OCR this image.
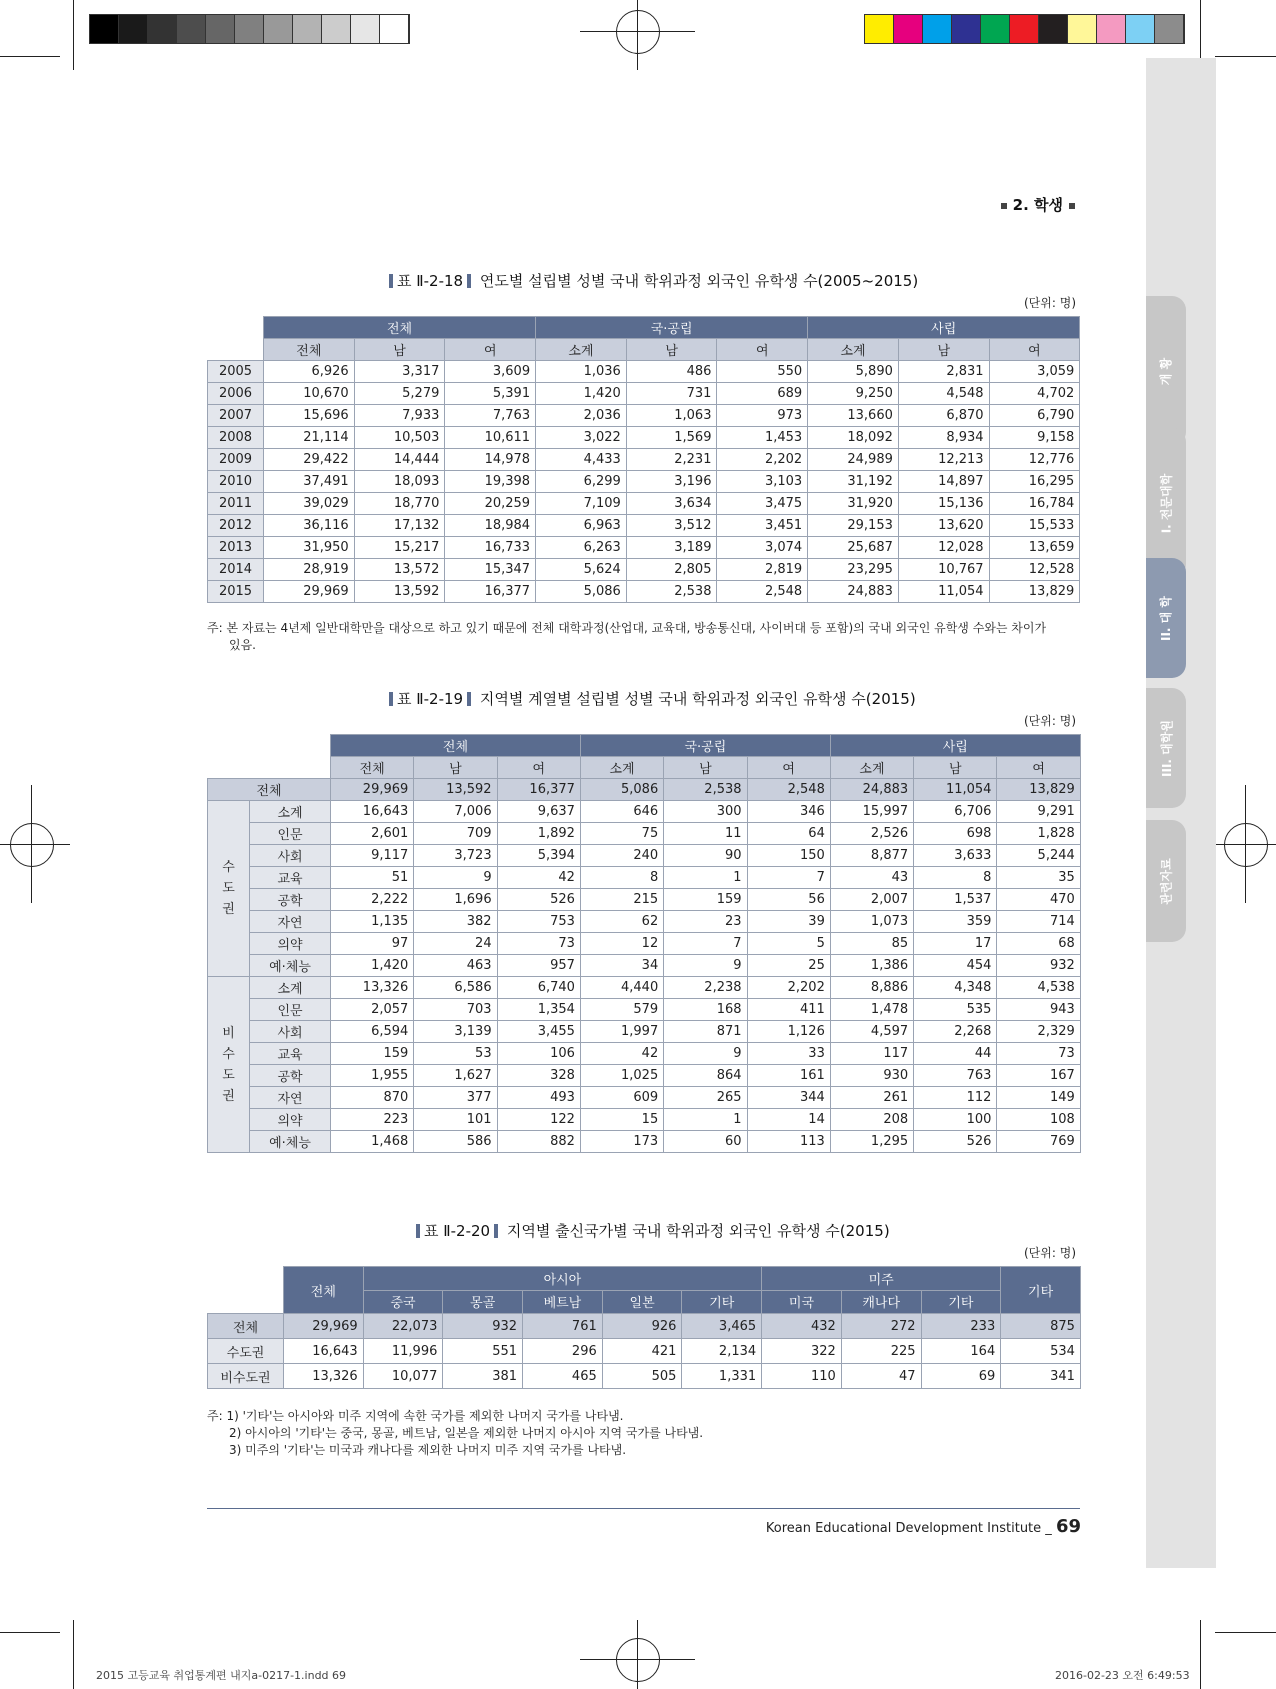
개 황
I. 전문대학
II. 대 학
III. 대학원
관련자료
2. 학생
표 Ⅱ-2-18 연도별 설립별 성별 국내 학위과정 외국인 유학생 수(2005~2015)
(단위: 명)
	전체			국·공립			사립		
	전체	남	여	소계	남	여	소계	남	여
2005	6,926	3,317	3,609	1,036	486	550	5,890	2,831	3,059
2006	10,670	5,279	5,391	1,420	731	689	9,250	4,548	4,702
2007	15,696	7,933	7,763	2,036	1,063	973	13,660	6,870	6,790
2008	21,114	10,503	10,611	3,022	1,569	1,453	18,092	8,934	9,158
2009	29,422	14,444	14,978	4,433	2,231	2,202	24,989	12,213	12,776
2010	37,491	18,093	19,398	6,299	3,196	3,103	31,192	14,897	16,295
2011	39,029	18,770	20,259	7,109	3,634	3,475	31,920	15,136	16,784
2012	36,116	17,132	18,984	6,963	3,512	3,451	29,153	13,620	15,533
2013	31,950	15,217	16,733	6,263	3,189	3,074	25,687	12,028	13,659
2014	28,919	13,572	15,347	5,624	2,805	2,819	23,295	10,767	12,528
2015	29,969	13,592	16,377	5,086	2,538	2,548	24,883	11,054	13,829
주: 본 자료는 4년제 일반대학만을 대상으로 하고 있기 때문에 전체 대학과정(산업대, 교육대, 방송통신대, 사이버대 등 포함)의 국내 외국인 유학생 수와는 차이가
있음.
표 Ⅱ-2-19 지역별 계열별 설립별 성별 국내 학위과정 외국인 유학생 수(2015)
(단위: 명)
		전체			국·공립			사립		
		전체	남	여	소계	남	여	소계	남	여
전체		29,969	13,592	16,377	5,086	2,538	2,548	24,883	11,054	13,829

수
도
권	소계	16,643	7,006	9,637	646	300	346	15,997	6,706	9,291
	인문	2,601	709	1,892	75	11	64	2,526	698	1,828
	사회	9,117	3,723	5,394	240	90	150	8,877	3,633	5,244
	교육	51	9	42	8	1	7	43	8	35
	공학	2,222	1,696	526	215	159	56	2,007	1,537	470
	자연	1,135	382	753	62	23	39	1,073	359	714
	의약	97	24	73	12	7	5	85	17	68
	예·체능	1,420	463	957	34	9	25	1,386	454	932

비
수
도
권	소계	13,326	6,586	6,740	4,440	2,238	2,202	8,886	4,348	4,538
	인문	2,057	703	1,354	579	168	411	1,478	535	943
	사회	6,594	3,139	3,455	1,997	871	1,126	4,597	2,268	2,329
	교육	159	53	106	42	9	33	117	44	73
	공학	1,955	1,627	328	1,025	864	161	930	763	167
	자연	870	377	493	609	265	344	261	112	149
	의약	223	101	122	15	1	14	208	100	108
	예·체능	1,468	586	882	173	60	113	1,295	526	769
표 Ⅱ-2-20 지역별 출신국가별 국내 학위과정 외국인 유학생 수(2015)
(단위: 명)
	전체	아시아					미주			기타
		중국	몽골	베트남	일본	기타	미국	캐나다	기타	
전체	29,969	22,073	932	761	926	3,465	432	272	233	875
수도권	16,643	11,996	551	296	421	2,134	322	225	164	534
비수도권	13,326	10,077	381	465	505	1,331	110	47	69	341
주: 1) '기타'는 아시아와 미주 지역에 속한 국가를 제외한 나머지 국가를 나타냄.
2) 아시아의 '기타'는 중국, 몽골, 베트남, 일본을 제외한 나머지 아시아 지역 국가를 나타냄.
3) 미주의 '기타'는 미국과 캐나다를 제외한 나머지 미주 지역 국가를 나타냄.
Korean Educational Development Institute _ 69
2015 고등교육 취업통계편 내지a-0217-1.indd 69	2016-02-23 오전 6:49:53
